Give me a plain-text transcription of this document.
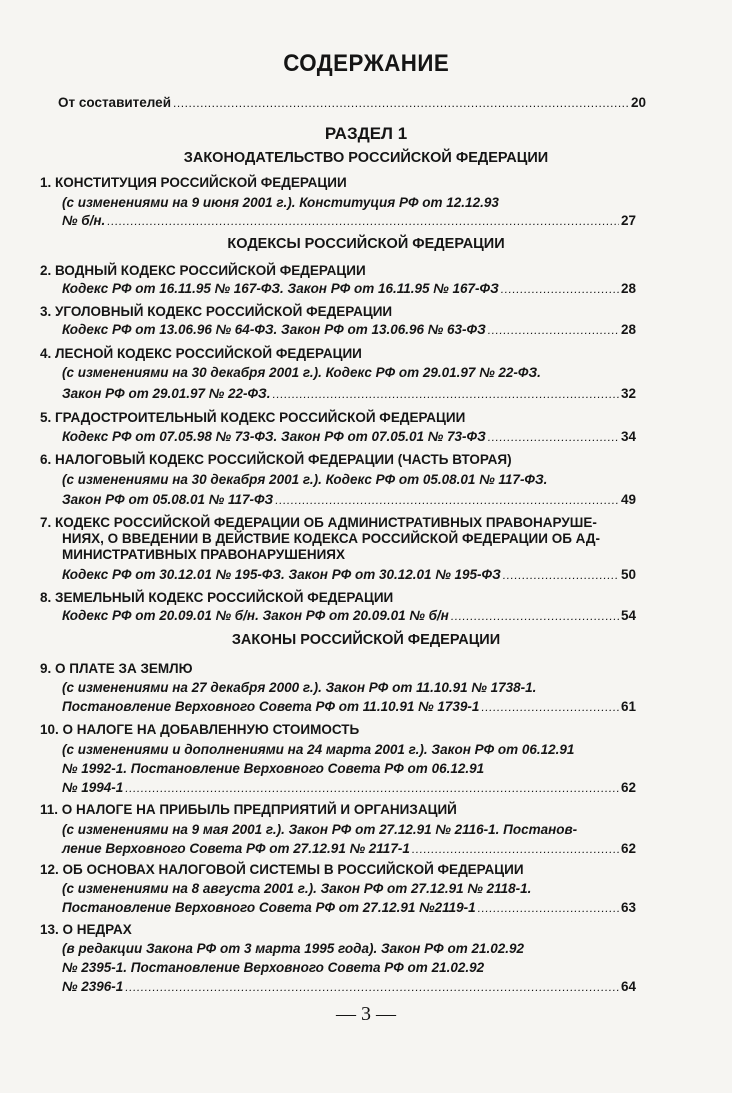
СОДЕРЖАНИЕ
От составителей . . .	20
РАЗДЕЛ 1
ЗАКОНОДАТЕЛЬСТВО РОССИЙСКОЙ ФЕДЕРАЦИИ
1. КОНСТИТУЦИЯ РОССИЙСКОЙ ФЕДЕРАЦИИ
(с изменениями на 9 июня 2001 г.). Конституция РФ от 12.12.93
№ б/н. . . .	27
КОДЕКСЫ РОССИЙСКОЙ ФЕДЕРАЦИИ
2. ВОДНЫЙ КОДЕКС РОССИЙСКОЙ ФЕДЕРАЦИИ
Кодекс РФ от 16.11.95 № 167-ФЗ. Закон РФ от 16.11.95 № 167-ФЗ . . .	28
3. УГОЛОВНЫЙ КОДЕКС РОССИЙСКОЙ ФЕДЕРАЦИИ
Кодекс РФ от 13.06.96 № 64-ФЗ. Закон РФ от 13.06.96 № 63-ФЗ . . .	28
4. ЛЕСНОЙ КОДЕКС РОССИЙСКОЙ ФЕДЕРАЦИИ
(с изменениями на 30 декабря 2001 г.). Кодекс РФ от 29.01.97 № 22-ФЗ.
Закон РФ от 29.01.97 № 22-ФЗ. . . .	32
5. ГРАДОСТРОИТЕЛЬНЫЙ КОДЕКС РОССИЙСКОЙ ФЕДЕРАЦИИ
Кодекс РФ от 07.05.98 № 73-ФЗ. Закон РФ от 07.05.01 № 73-ФЗ . . .	34
6. НАЛОГОВЫЙ КОДЕКС РОССИЙСКОЙ ФЕДЕРАЦИИ (ЧАСТЬ ВТОРАЯ)
(с изменениями на 30 декабря 2001 г.). Кодекс РФ от 05.08.01 № 117-ФЗ.
Закон РФ от 05.08.01 № 117-ФЗ . . .	49
7. КОДЕКС РОССИЙСКОЙ ФЕДЕРАЦИИ ОБ АДМИНИСТРАТИВНЫХ ПРАВОНАРУШЕ-
НИЯХ, О ВВЕДЕНИИ В ДЕЙСТВИЕ КОДЕКСА РОССИЙСКОЙ ФЕДЕРАЦИИ ОБ АД-
МИНИСТРАТИВНЫХ ПРАВОНАРУШЕНИЯХ
Кодекс РФ от 30.12.01 № 195-ФЗ. Закон РФ от 30.12.01 № 195-ФЗ . . .	50
8. ЗЕМЕЛЬНЫЙ КОДЕКС РОССИЙСКОЙ ФЕДЕРАЦИИ
Кодекс РФ от 20.09.01 № б/н. Закон РФ от 20.09.01 № б/н . . .	54
ЗАКОНЫ РОССИЙСКОЙ ФЕДЕРАЦИИ
9. О ПЛАТЕ ЗА ЗЕМЛЮ
(с изменениями на 27 декабря 2000 г.). Закон РФ от 11.10.91 № 1738-1.
Постановление Верховного Совета РФ от 11.10.91 № 1739-1 . . .	61
10. О НАЛОГЕ НА ДОБАВЛЕННУЮ СТОИМОСТЬ
(с изменениями и дополнениями на 24 марта 2001 г.). Закон РФ от 06.12.91
№ 1992-1. Постановление Верховного Совета РФ от 06.12.91
№ 1994-1 . . .	62
11. О НАЛОГЕ НА ПРИБЫЛЬ ПРЕДПРИЯТИЙ И ОРГАНИЗАЦИЙ
(с изменениями на 9 мая 2001 г.). Закон РФ от 27.12.91 № 2116-1. Постанов-
ление Верховного Совета РФ от 27.12.91 № 2117-1 . . .	62
12. ОБ ОСНОВАХ НАЛОГОВОЙ СИСТЕМЫ В РОССИЙСКОЙ ФЕДЕРАЦИИ
(с изменениями на 8 августа 2001 г.). Закон РФ от 27.12.91 № 2118-1.
Постановление Верховного Совета РФ от 27.12.91 №2119-1 . . .	63
13. О НЕДРАХ
(в редакции Закона РФ от 3 марта 1995 года). Закон РФ от 21.02.92
№ 2395-1. Постановление Верховного Совета РФ от 21.02.92
№ 2396-1 . . .	64
— 3 —
